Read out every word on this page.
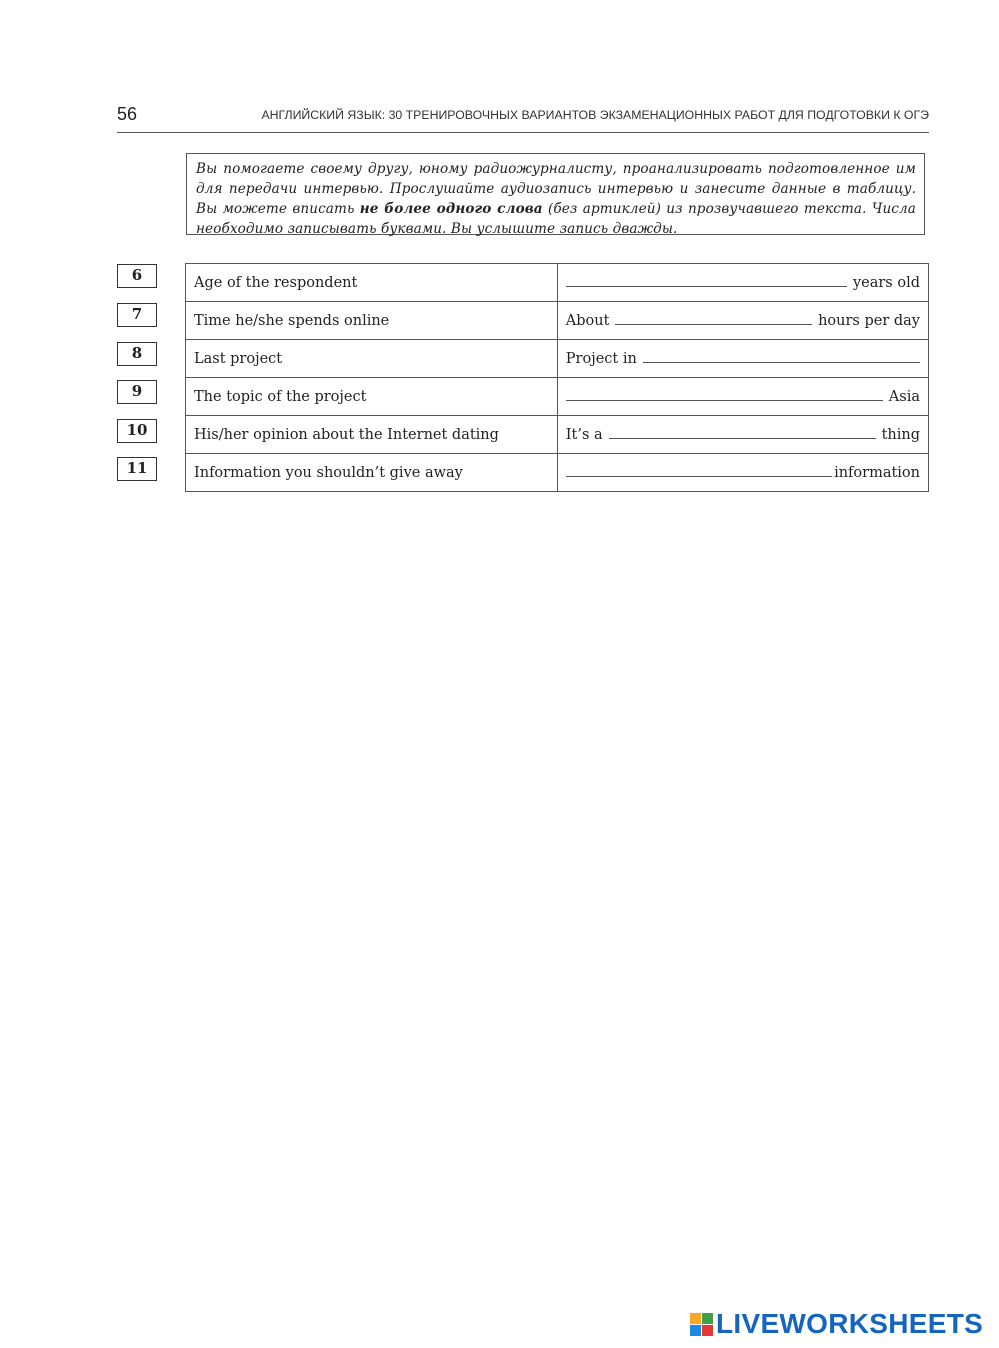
56	АНГЛИЙСКИЙ ЯЗЫК: 30 ТРЕНИРОВОЧНЫХ ВАРИАНТОВ ЭКЗАМЕНАЦИОННЫХ РАБОТ ДЛЯ ПОДГОТОВКИ К ОГЭ
Вы помогаете своему другу, юному радиожурналисту, проанализировать подготовленное им для передачи интервью. Прослушайте аудиозапись интервью и занесите данные в таблицу. Вы можете вписать не более одного слова (без артиклей) из прозвучавшего текста. Числа необходимо записывать буквами. Вы услышите запись дважды.
6
7
8
9
10
11
Age of the respondent	years old

Time he/she spends online	About hours per day

Last project	Project in

The topic of the project	Asia

His/her opinion about the Internet dating	It’s a thing

Information you shouldn’t give away	information
LIVEWORKSHEETS
